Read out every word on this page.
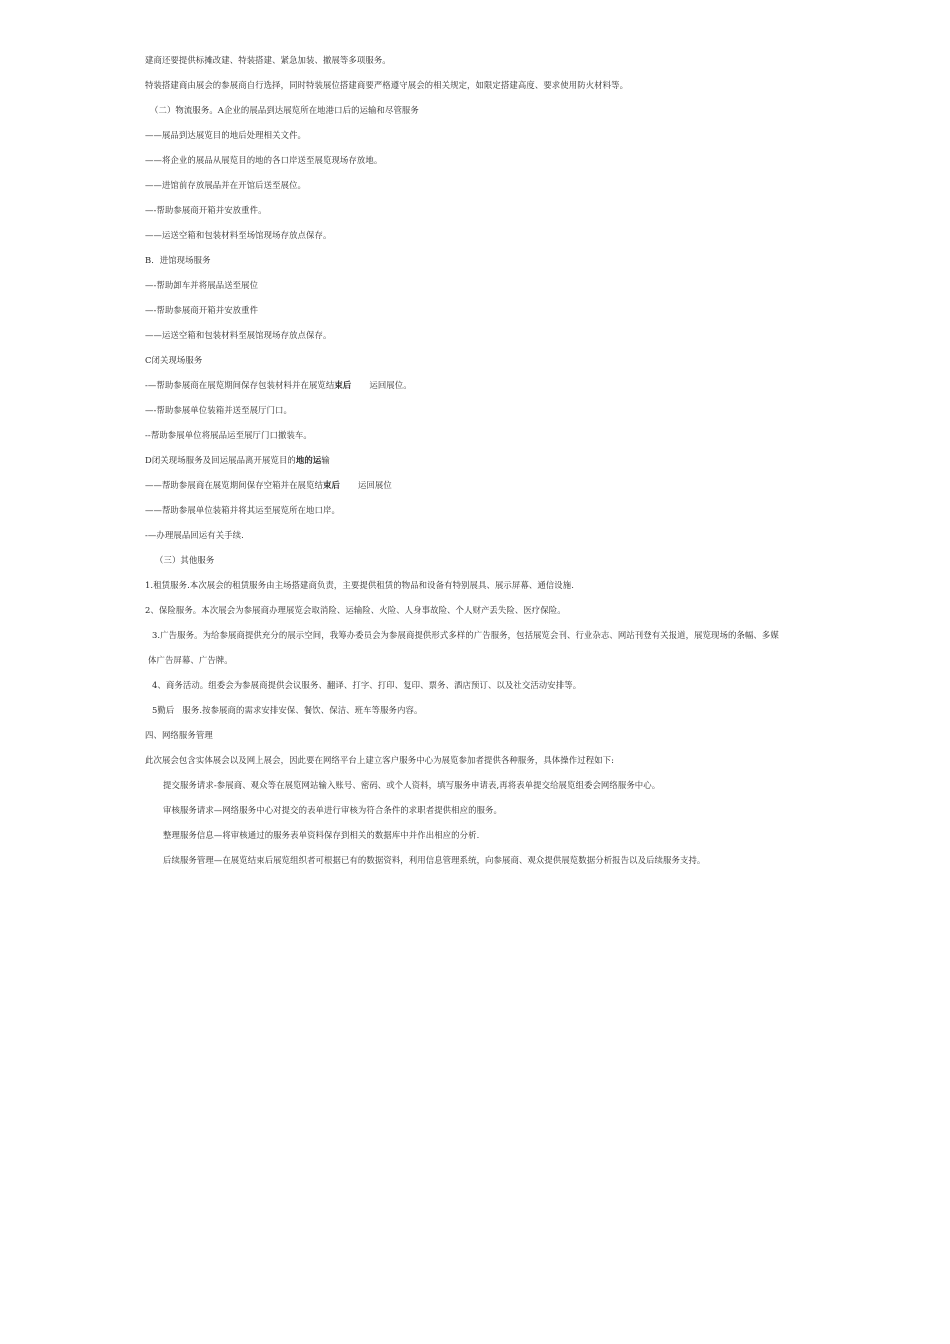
建商还要提供标摊改建、特装搭建、紧急加装、撤展等多项服务。
特装搭建商由展会的参展商自行选择，同时特装展位搭建商要严格遵守展会的相关规定，如限定搭建高度、要求使用防火材料等。
（二）物流服务。A企业的展品到达展览所在地港口后的运输和尽管服务
——展品到达展览目的地后处理相关文件。
——将企业的展品从展览目的地的各口岸送至展览现场存放地。
——进馆前存放展品并在开馆后送至展位。
—-帮助参展商开箱并安放重件。
——运送空箱和包装材料至场馆现场存放点保存。
B．进馆现场服务
—-帮助卸车并将展品送至展位
—-帮助参展商开箱并安放重件
——运送空箱和包装材料至展馆现场存放点保存。
C闭关现场服务
-—帮助参展商在展览期间保存包装材料并在展览结束后 运回展位。
—-帮助参展单位装箱并送至展厅门口。
--帮助参展单位将展品运至展厅门口撤装车。
D闭关现场服务及回运展品离开展览目的地的运输
——帮助参展商在展览期间保存空箱并在展览结束后 运回展位
——帮助参展单位装箱并将其运至展览所在地口岸。
-—办理展品回运有关手续.
（三）其他服务
1.租赁服务.本次展会的租赁服务由主场搭建商负责，主要提供租赁的物品和设备有特别展具、展示屏幕、通信设施.
2、保险服务。本次展会为参展商办理展览会取消险、运输险、火险、人身事故险、个人财产丢失险、医疗保险。
3.广告服务。为给参展商提供充分的展示空间，我筹办委员会为参展商提供形式多样的广告服务，包括展览会刊、行业杂志、网站刊登有关报道，展览现场的条幅、多媒
体广告屏幕、广告牌。
4、商务活动。组委会为参展商提供会议服务、翻译、打字、打印、复印、票务、酒店预订、以及社交活动安排等。
5勤后 服务.按参展商的需求安排安保、餐饮、保洁、班车等服务内容。
四、网络服务管理
此次展会包含实体展会以及网上展会，因此要在网络平台上建立客户服务中心为展览参加者提供各种服务，具体操作过程如下:
提交服务请求-参展商、观众等在展览网站输入账号、密码、或个人资料，填写服务申请表,再将表单提交给展览组委会网络服务中心。
审核服务请求—网络服务中心对提交的表单进行审核为符合条件的求职者提供相应的服务。
整理服务信息—将审核通过的服务表单资料保存到相关的数据库中并作出相应的分析.
后续服务管理—在展览结束后展览组织者可根据已有的数据资料，利用信息管理系统，向参展商、观众提供展览数据分析报告以及后续服务支持。
